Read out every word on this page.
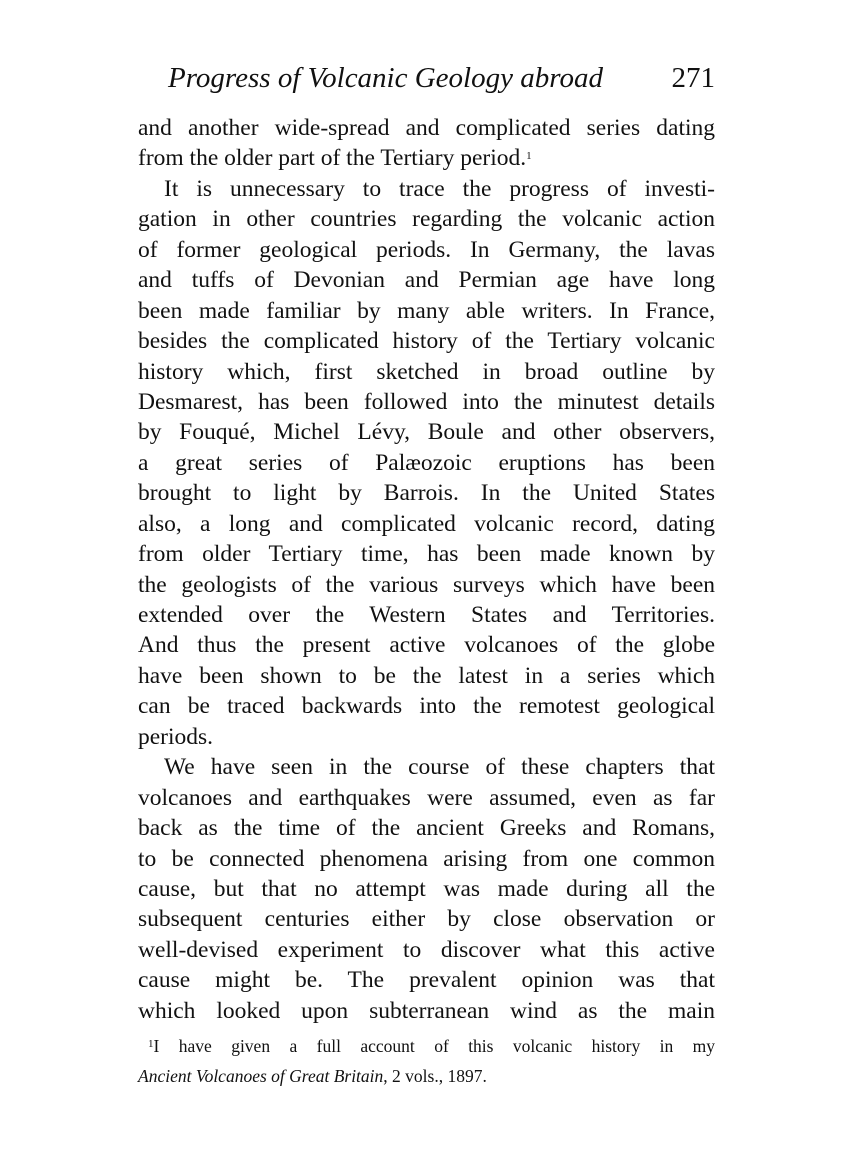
Progress of Volcanic Geology abroad 271
and another wide-spread and complicated series dating
from the older part of the Tertiary period.$^1$
It is unnecessary to trace the progress of investi-
gation in other countries regarding the volcanic action
of former geological periods. In Germany, the lavas
and tuffs of Devonian and Permian age have long
been made familiar by many able writers. In France,
besides the complicated history of the Tertiary volcanic
history which, first sketched in broad outline by
Desmarest, has been followed into the minutest details
by Fouqué, Michel Lévy, Boule and other observers,
a great series of Palæozoic eruptions has been
brought to light by Barrois. In the United States
also, a long and complicated volcanic record, dating
from older Tertiary time, has been made known by
the geologists of the various surveys which have been
extended over the Western States and Territories.
And thus the present active volcanoes of the globe
have been shown to be the latest in a series which
can be traced backwards into the remotest geological
periods.
We have seen in the course of these chapters that
volcanoes and earthquakes were assumed, even as far
back as the time of the ancient Greeks and Romans,
to be connected phenomena arising from one common
cause, but that no attempt was made during all the
subsequent centuries either by close observation or
well-devised experiment to discover what this active
cause might be. The prevalent opinion was that
which looked upon subterranean wind as the main
$^1$I have given a full account of this volcanic history in my
Ancient Volcanoes of Great Britain, 2 vols., 1897.
